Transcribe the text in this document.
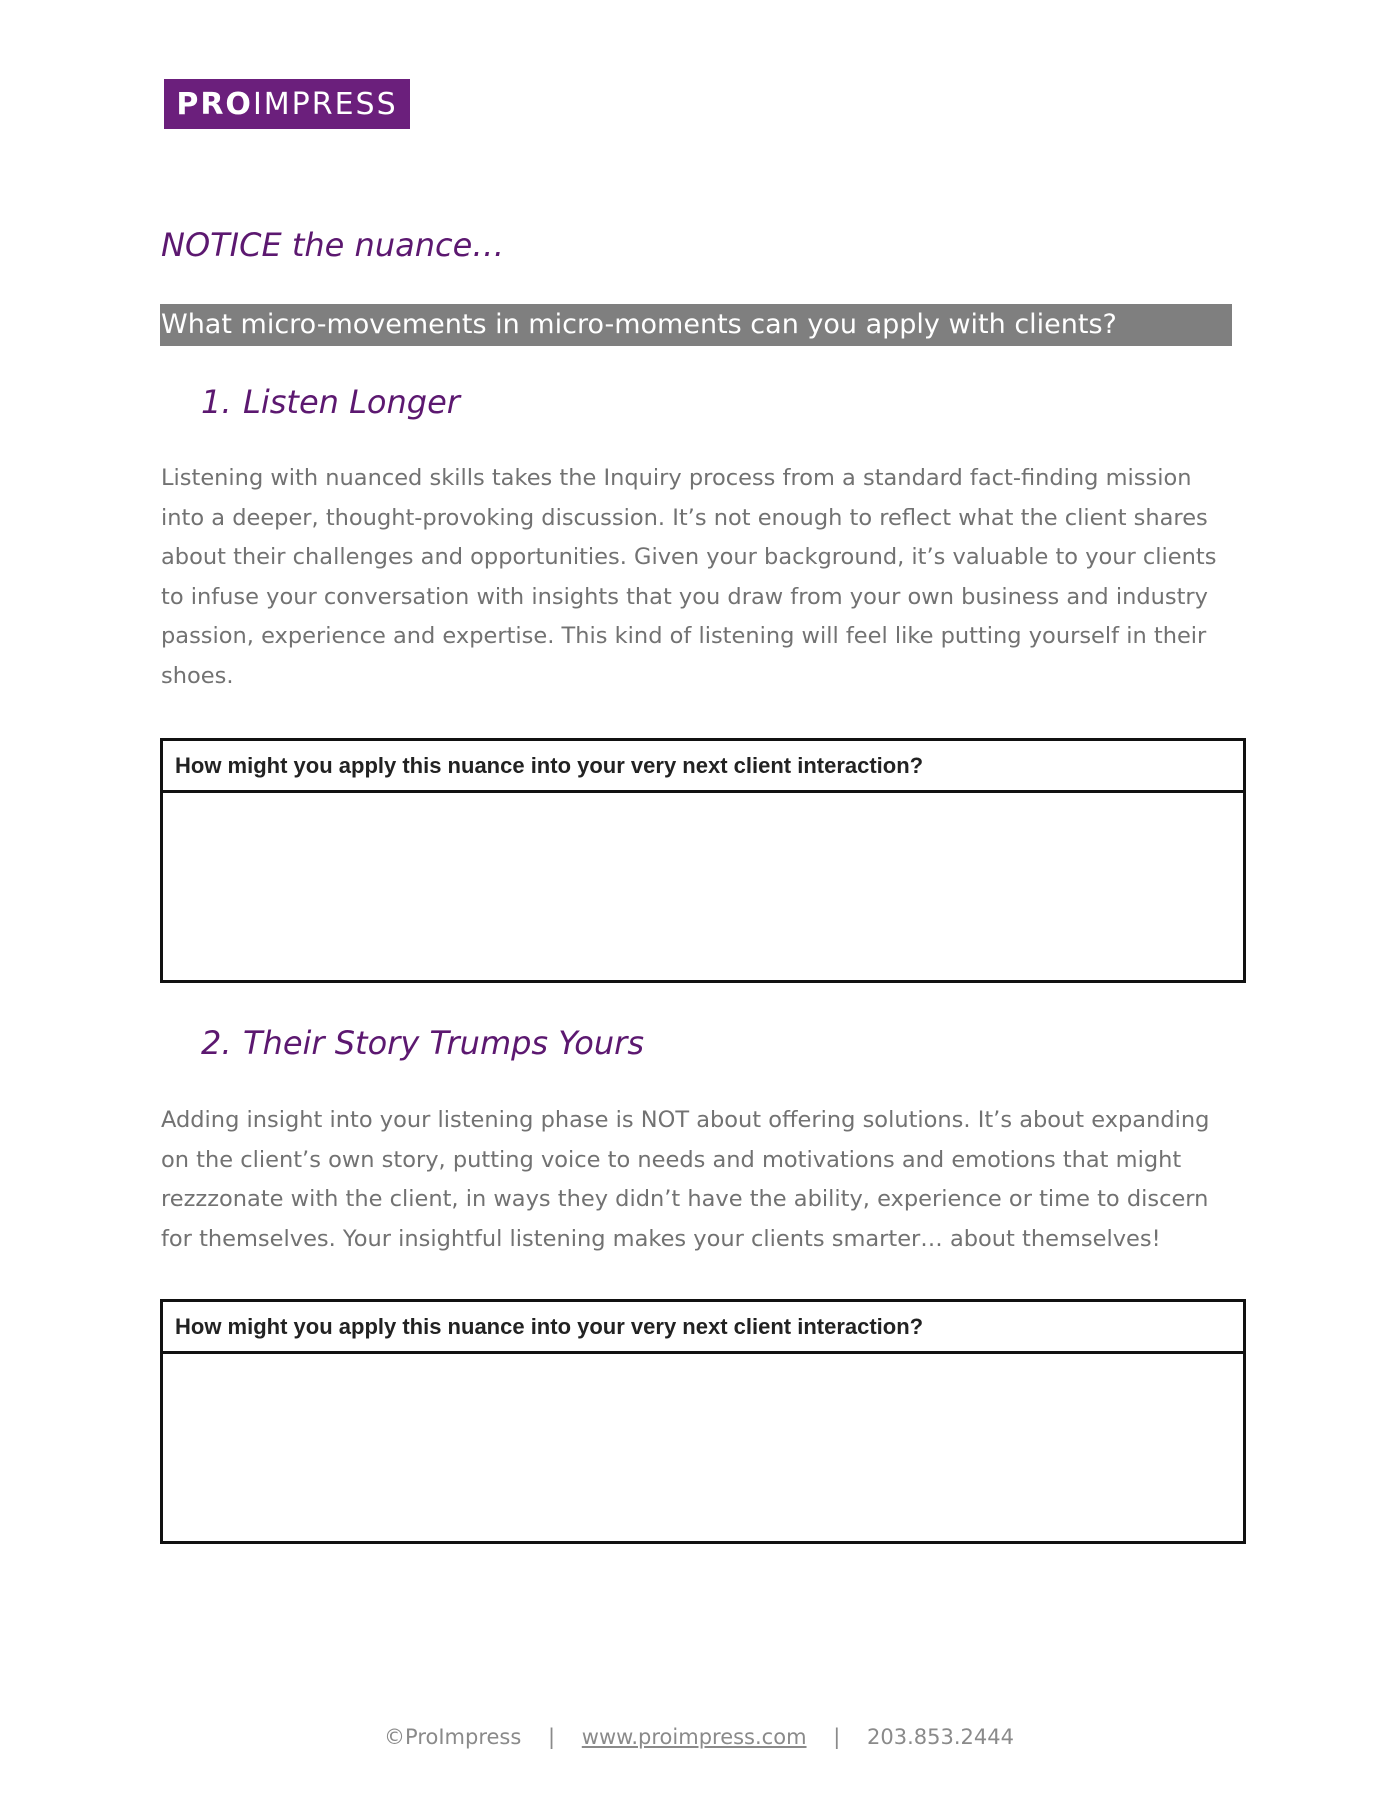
PRO IMPRESS
NOTICE the nuance…
What micro-movements in micro-moments can you apply with clients?
1. Listen Longer

Listening with nuanced skills takes the Inquiry process from a standard fact-finding mission into a deeper, thought-provoking discussion. It’s not enough to reflect what the client shares about their challenges and opportunities. Given your background, it’s valuable to your clients to infuse your conversation with insights that you draw from your own business and industry passion, experience and expertise. This kind of listening will feel like putting yourself in their shoes.

How might you apply this nuance into your very next client interaction?
2. Their Story Trumps Yours

Adding insight into your listening phase is NOT about offering solutions. It’s about expanding on the client’s own story, putting voice to needs and motivations and emotions that might rezzzonate with the client, in ways they didn’t have the ability, experience or time to discern for themselves. Your insightful listening makes your clients smarter… about themselves!

How might you apply this nuance into your very next client interaction?
©ProImpress | www.proimpress.com | 203.853.2444
